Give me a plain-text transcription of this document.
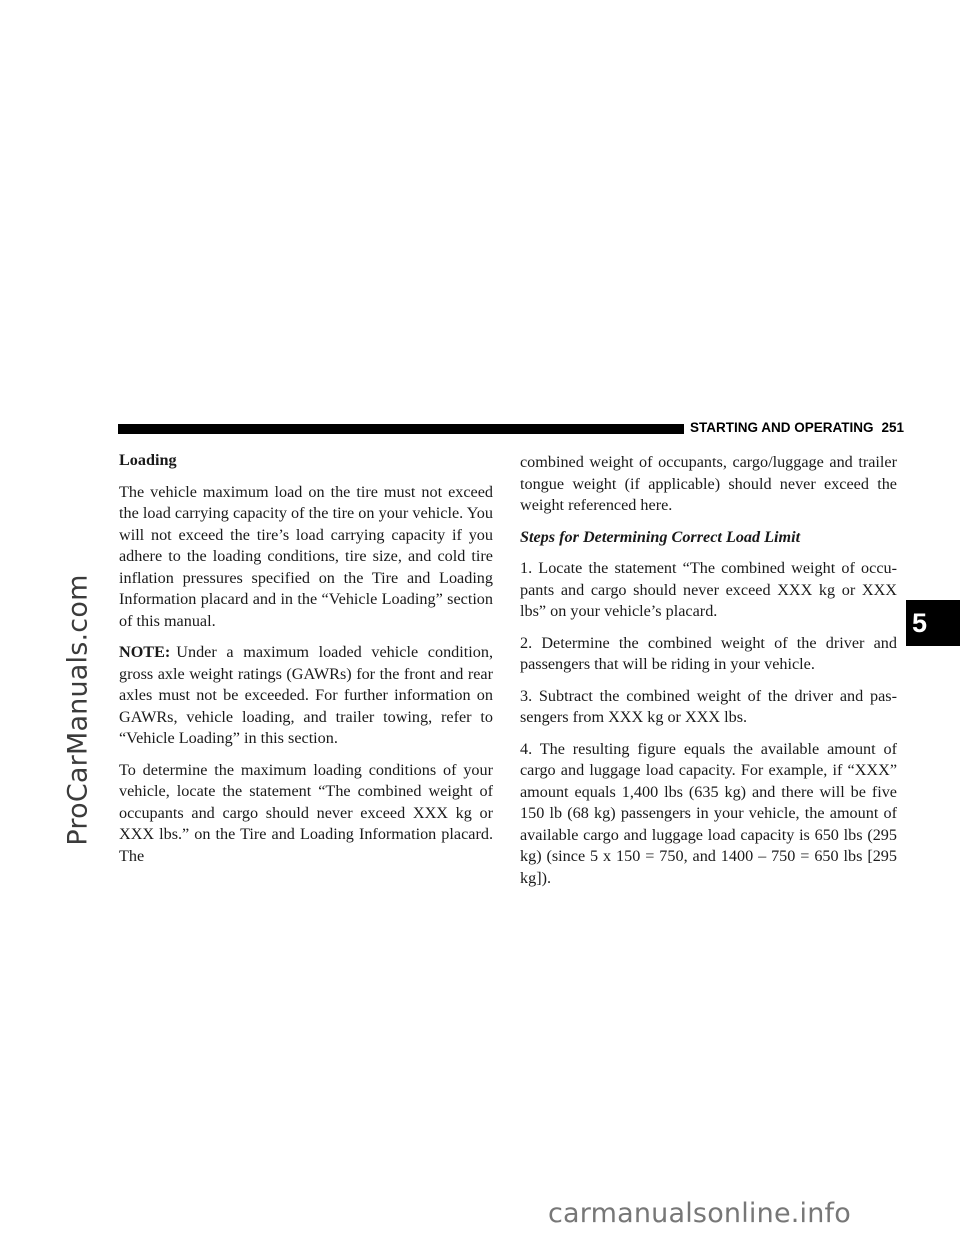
ProCarManuals.com
STARTING AND OPERATING 251
5

Loading

The vehicle maximum load on the tire must not exceed the load carrying capacity of the tire on your vehicle. You will not exceed the tire’s load carrying capacity if you adhere to the loading conditions, tire size, and cold tire inflation pressures specified on the Tire and Loading Information placard and in the “Vehicle Loading” section of this manual.

NOTE: Under a maximum loaded vehicle condition, gross axle weight ratings (GAWRs) for the front and rear axles must not be exceeded. For further information on GAWRs, vehicle loading, and trailer towing, refer to “Vehicle Loading” in this section.

To determine the maximum loading conditions of your vehicle, locate the statement “The combined weight of occupants and cargo should never exceed XXX kg or XXX lbs.” on the Tire and Loading Information placard. The

combined weight of occupants, cargo/luggage and trailer tongue weight (if applicable) should never exceed the weight referenced here.

Steps for Determining Correct Load Limit

1. Locate the statement “The combined weight of occu-pants and cargo should never exceed XXX kg or XXX lbs” on your vehicle’s placard.

2. Determine the combined weight of the driver and passengers that will be riding in your vehicle.

3. Subtract the combined weight of the driver and pas-sengers from XXX kg or XXX lbs.

4. The resulting figure equals the available amount of cargo and luggage load capacity. For example, if “XXX” amount equals 1,400 lbs (635 kg) and there will be five 150 lb (68 kg) passengers in your vehicle, the amount of available cargo and luggage load capacity is 650 lbs (295 kg) (since 5 x 150 = 750, and 1400 – 750 = 650 lbs [295 kg]).

carmanualsonline.info
